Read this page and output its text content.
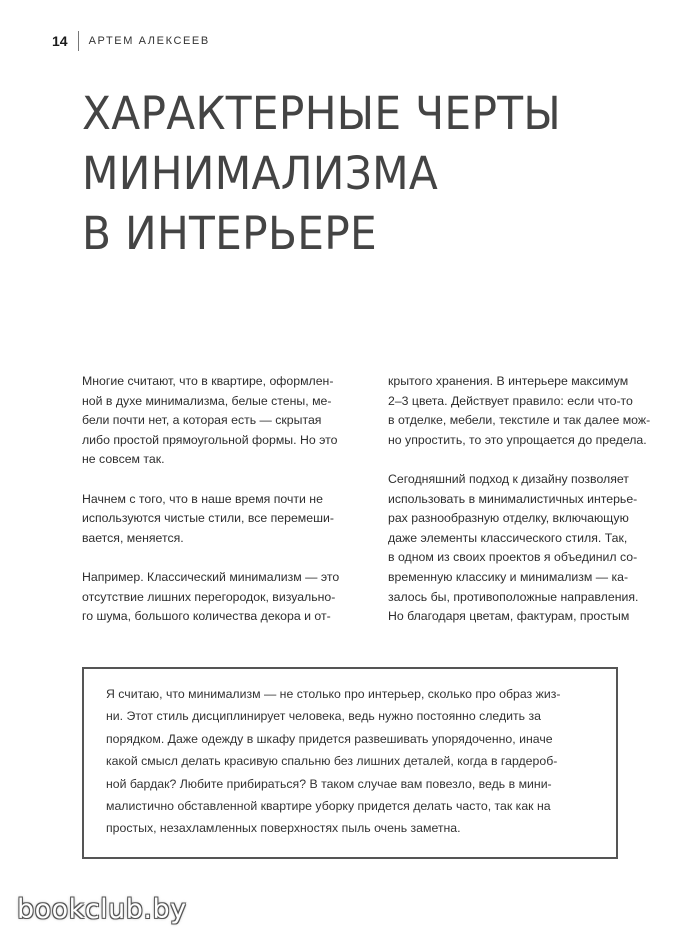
14 АРТЕМ АЛЕКСЕЕВ
ХАРАКТЕРНЫЕ ЧЕРТЫ
МИНИМАЛИЗМА
В ИНТЕРЬЕРЕ
Многие считают, что в квартире, оформлен-
ной в духе минимализма, белые стены, ме-
бели почти нет, а которая есть — скрытая
либо простой прямоугольной формы. Но это
не совсем так.
Начнем с того, что в наше время почти не
используются чистые стили, все перемеши-
вается, меняется.
Например. Классический минимализм — это
отсутствие лишних перегородок, визуально-
го шума, большого количества декора и от-
крытого хранения. В интерьере максимум
2–3 цвета. Действует правило: если что-то
в отделке, мебели, текстиле и так далее мож-
но упростить, то это упрощается до предела.
Сегодняшний подход к дизайну позволяет
использовать в минималистичных интерье-
рах разнообразную отделку, включающую
даже элементы классического стиля. Так,
в одном из своих проектов я объединил со-
временную классику и минимализм — ка-
залось бы, противоположные направления.
Но благодаря цветам, фактурам, простым
Я считаю, что минимализм — не столько про интерьер, сколько про образ жиз-
ни. Этот стиль дисциплинирует человека, ведь нужно постоянно следить за
порядком. Даже одежду в шкафу придется развешивать упорядоченно, иначе
какой смысл делать красивую спальню без лишних деталей, когда в гардероб-
ной бардак? Любите прибираться? В таком случае вам повезло, ведь в мини-
малистично обставленной квартире уборку придется делать часто, так как на
простых, незахламленных поверхностях пыль очень заметна.
bookclub.by
